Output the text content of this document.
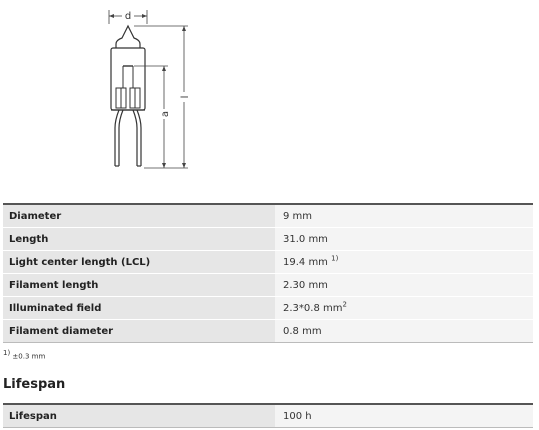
d
a
l
Diameter	9 mm
Length	31.0 mm
Light center length (LCL)	19.4 mm $^{1)}$
Filament length	2.30 mm
Illuminated field	2.3*0.8 $mm^2$
Filament diameter	0.8 mm
1) ±0.3 mm
Lifespan
Lifespan	100 h
